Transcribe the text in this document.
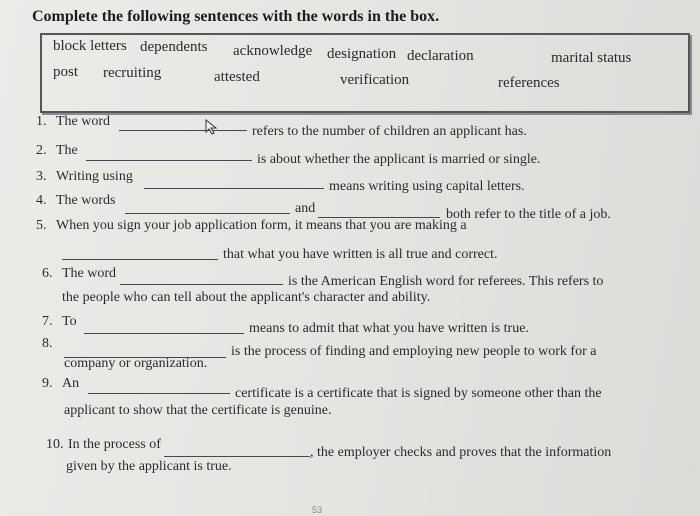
Complete the following sentences with the words in the box.
block letters dependents acknowledge designation declaration	marital status
post recruiting	attested	verification	references
1. The word
refers to the number of children an applicant has.
2. The
is about whether the applicant is married or single.
3. Writing using
means writing using capital letters.
4. The words
and	both refer to the title of a job.
5. When you sign your job application form, it means that you are making a
that what you have written is all true and correct.
6. The word
is the American English word for referees. This refers to
the people who can tell about the applicant's character and ability.
7. To	means to admit that what you have written is true.
8.
is the process of finding and employing new people to work for a
company or organization.
9. An
certificate is a certificate that is signed by someone other than the
applicant to show that the certificate is genuine.
10. In the process of
, the employer checks and proves that the information
given by the applicant is true.
53
